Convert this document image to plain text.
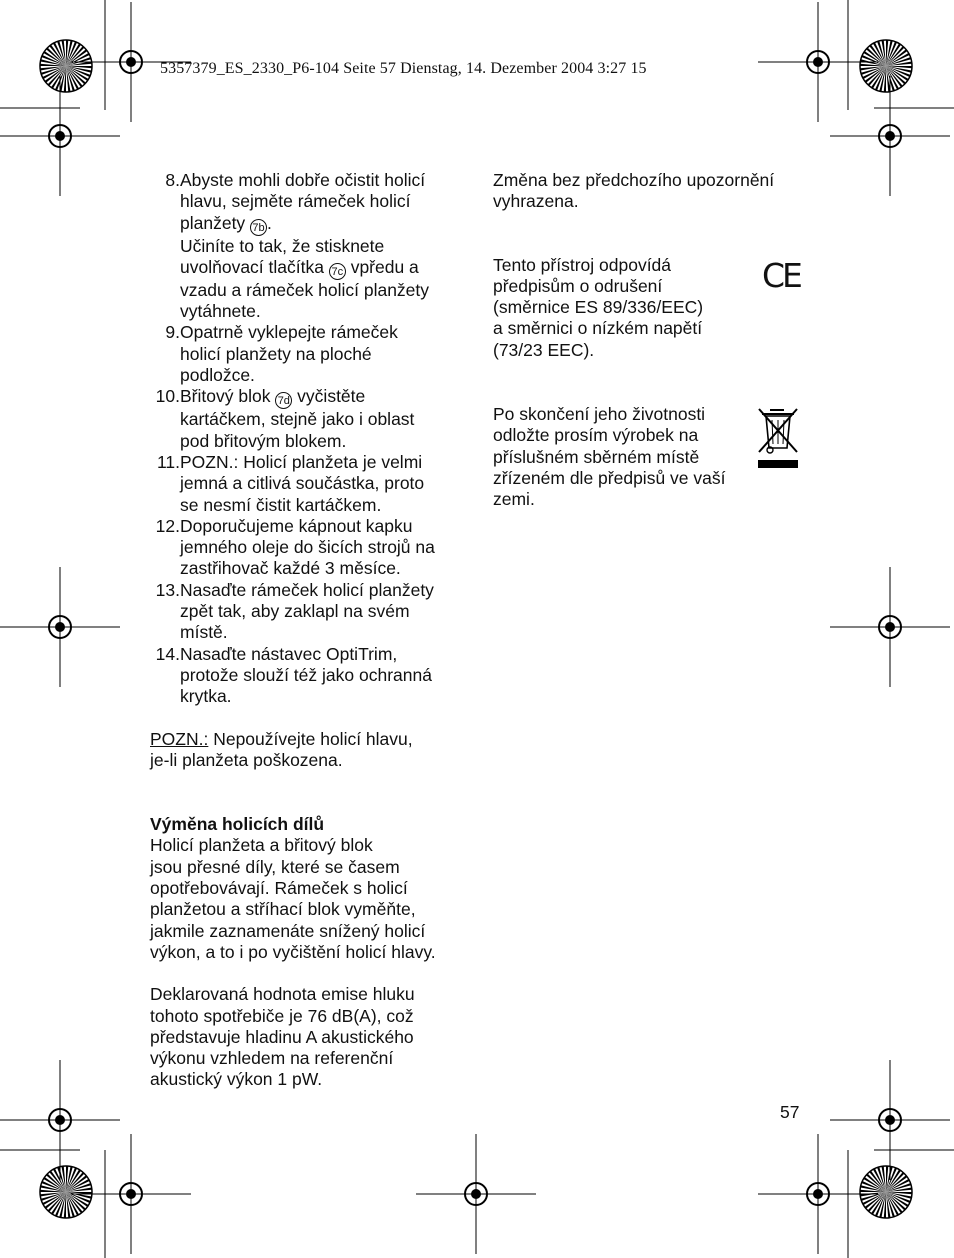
5357379_ES_2330_P6-104 Seite 57 Dienstag, 14. Dezember 2004 3:27 15
8. Abyste mohli dobře očistit holicí
hlavu, sejměte rámeček holicí
planžety 7b .
Učiníte to tak, že stisknete
uvolňovací tlačítka 7c vpředu a
vzadu a rámeček holicí planžety
vytáhnete.
9. Opatrně vyklepejte rámeček
holicí planžety na ploché
podložce.
10. Břitový blok 7d vyčistěte
kartáčkem, stejně jako i oblast
pod břitovým blokem.
11. POZN.: Holicí planžeta je velmi
jemná a citlivá součástka, proto
se nesmí čistit kartáčkem.
12. Doporučujeme kápnout kapku
jemného oleje do šicích strojů na
zastřihovač každé 3 měsíce.
13. Nasaďte rámeček holicí planžety
zpět tak, aby zaklapl na svém
místě.
14. Nasaďte nástavec OptiTrim,
protože slouží též jako ochranná
krytka.
POZN.: Nepoužívejte holicí hlavu,
je-li planžeta poškozena.
Výměna holicích dílů
Holicí planžeta a břitový blok
jsou přesné díly, které se časem
opotřebovávají. Rámeček s holicí
planžetou a stříhací blok vyměňte,
jakmile zaznamenáte snížený holicí
výkon, a to i po vyčištění holicí hlavy.
Deklarovaná hodnota emise hluku
tohoto spotřebiče je 76 dB(A), což
představuje hladinu A akustického
výkonu vzhledem na referenční
akustický výkon 1 pW.
Změna bez předchozího upozornění
vyhrazena.
Tento přístroj odpovídá
předpisům o odrušení
(směrnice ES 89/336/EEC)
a směrnici o nízkém napětí
(73/23 EEC).
Po skončení jeho životnosti
odložte prosím výrobek na
příslušném sběrném místě
zřízeném dle předpisů ve vaší
zemi.
CE
57
